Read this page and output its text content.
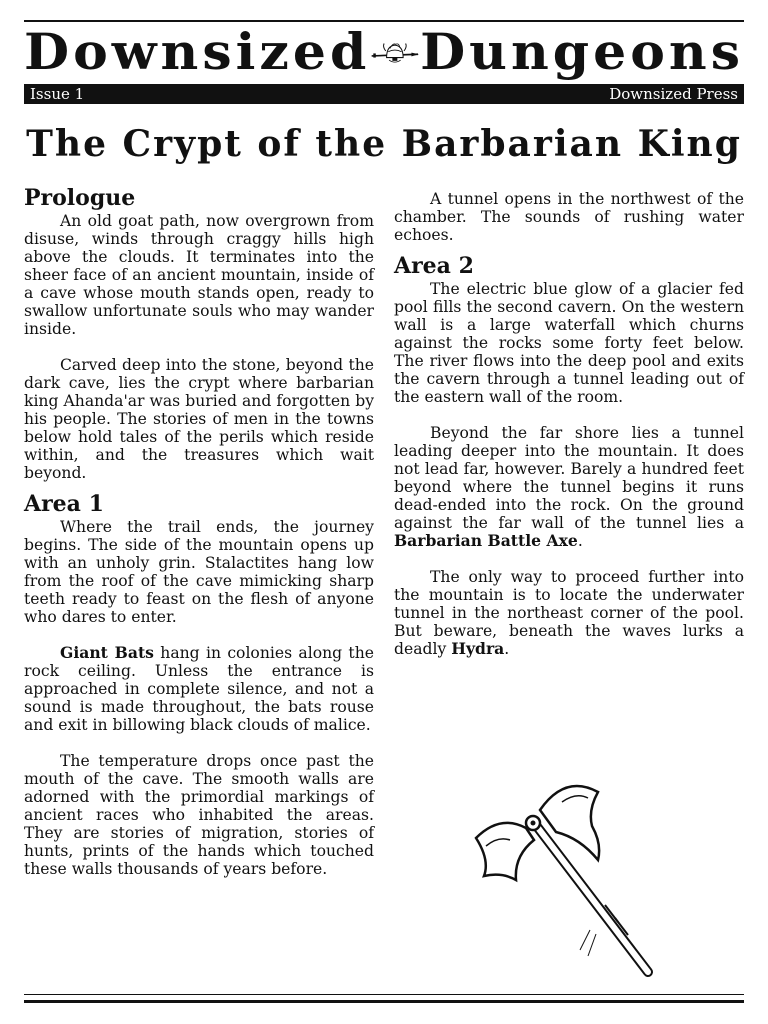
Downsized Dungeons
Issue 1	Downsized Press
The Crypt of the Barbarian King
Prologue

An old goat path, now overgrown from disuse, winds through craggy hills high above the clouds. It terminates into the sheer face of an ancient mountain, inside of a cave whose mouth stands open, ready to swallow unfortunate souls who may wander inside.

Carved deep into the stone, beyond the dark cave, lies the crypt where barbarian king Ahanda'ar was buried and forgotten by his people. The stories of men in the towns below hold tales of the perils which reside within, and the treasures which wait beyond.

Area 1

Where the trail ends, the journey begins. The side of the mountain opens up with an unholy grin. Stalactites hang low from the roof of the cave mimicking sharp teeth ready to feast on the flesh of anyone who dares to enter.

Giant Bats hang in colonies along the rock ceiling. Unless the entrance is approached in complete silence, and not a sound is made throughout, the bats rouse and exit in billowing black clouds of malice.

The temperature drops once past the mouth of the cave. The smooth walls are adorned with the primordial markings of ancient races who inhabited the areas. They are stories of migration, stories of hunts, prints of the hands which touched these walls thousands of years before.

A tunnel opens in the northwest of the chamber. The sounds of rushing water echoes.

Area 2

The electric blue glow of a glacier fed pool fills the second cavern. On the western wall is a large waterfall which churns against the rocks some forty feet below. The river flows into the deep pool and exits the cavern through a tunnel leading out of the eastern wall of the room.

Beyond the far shore lies a tunnel leading deeper into the mountain. It does not lead far, however. Barely a hundred feet beyond where the tunnel begins it runs dead-ended into the rock. On the ground against the far wall of the tunnel lies a Barbarian Battle Axe.

The only way to proceed further into the mountain is to locate the underwater tunnel in the northeast corner of the pool. But beware, beneath the waves lurks a deadly Hydra.
